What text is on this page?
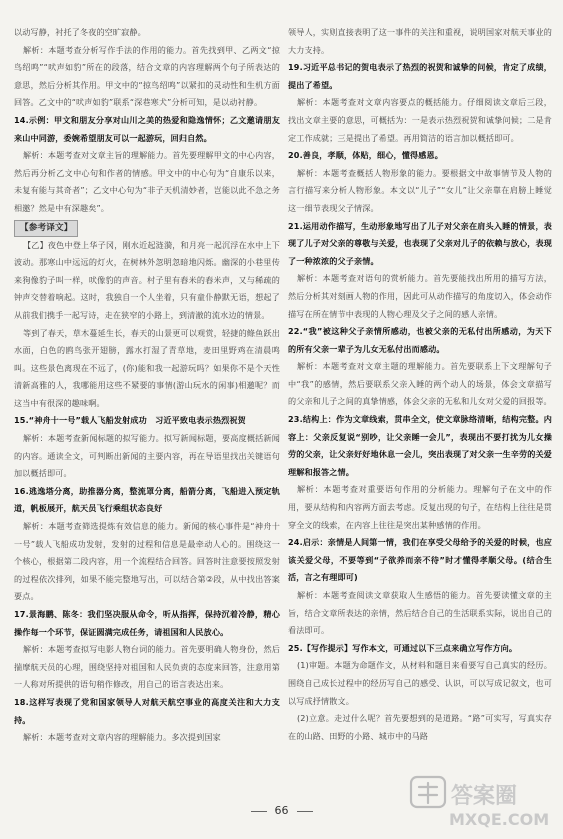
以动写静，衬托了冬夜的空旷寂静。

解析：本题考查分析写作手法的作用的能力。首先找到甲、乙两文“掠鸟绍鸣”“吠声如豹”所在的段落，结合文章的内容理解两个句子所表达的意思，然后分析其作用。甲文中的“掠鸟绍鸣”以紧扣的灵动性和生机方面回答。乙文中的“吠声如豹”联系“深巷寒犬”分析可知，是以动衬静。

14.示例：甲文和朋友分享对山川之美的热爱和隐逸情怀；乙文邀请朋友来山中同游，委婉希望朋友可以一起游玩，回归自然。

解析：本题考查对文章主旨的理解能力。首先要理解甲文的中心内容，然后再分析乙文中心句和作者的情感。甲文中的中心句为“自康乐以来，未复有能与其奇者”；乙文中心句为“非子天机清妙者，岂能以此不急之务相邀？然是中有深趣矣”。

【参考译文】

【乙】夜色中登上华子冈，刚水近起涟漪，和月亮一起沉浮在水中上下波动。那寒山中远远的灯火，在树林外忽明忽暗地闪烁。幽深的小巷里传来狗像豹子叫一样，吠像豹的声音。村子里有舂米的舂米声，又与稀疏的钟声交替着响起。这时，我独自一个人坐着，只有童仆静默无语，想起了从前我们携手一起写诗，走在狭窄的小路上，到清澈的流水边的情景。

等到了春天，草木蔓延生长，春天的山景更可以观赏，轻捷的鲦鱼跃出水面，白色的鸥鸟张开翅膀，露水打湿了青草地，麦田里野鸡在清晨鸣叫。这些景色离现在不远了，(你)能和我一起游玩吗？如果你不是个天性清新高雅的人，我哪能用这些不紧要的事情(游山玩水的闲事)相邀呢？而这当中有很深的趣味啊。

15.“神舟十一号”载人飞船发射成功　习近平致电表示热烈祝贺

解析：本题考查新闻标题的拟写能力。拟写新闻标题，要高度概括新闻的内容。通读全文，可判断出新闻的主要内容，再在导语里找出关键语句加以概括即可。

16.逃逸塔分离，助推器分离，整流罩分离，船箭分离，飞船进入预定轨道，帆板展开，航天员飞行乘组状态良好

解析：本题考查筛选提炼有效信息的能力。新闻的核心事件是“神舟十一号”载人飞船成功发射，发射的过程和信息是最牵动人心的。围绕这一个核心，根据第二段内容，用一个流程结合回答。回答时注意要按照发射的过程依次排列，如果不能完整地写出，可以结合第②段，从中找出答案要点。

17.景海鹏、陈冬：我们坚决服从命令，听从指挥，保持沉着冷静，精心操作每一个环节，保证圆满完成任务，请祖国和人民放心。

解析：本题考查拟写电影人物台词的能力。首先要明确人物身份，然后揣摩航天员的心理，围绕坚持对祖国和人民负责的态度来回答，注意用第一人称对所提供的语句稍作修改，用自己的语言表达出来。

18.这样写表现了党和国家领导人对航天航空事业的高度关注和大力支持。

解析：本题考查对文章内容的理解能力。多次提到国家

领导人，实则直接表明了这一事件的关注和重视，说明国家对航天事业的大力支持。

19.习近平总书记的贺电表示了热烈的祝贺和诚挚的问候，肯定了成绩，提出了希望。

解析：本题考查对文章内容要点的概括能力。仔细阅读文章后三段，找出文章主要的意思，可概括为：一是表示热烈祝贺和诚挚问候；二是肯定工作成就；三是提出了希望。再用简洁的语言加以概括即可。

20.善良，孝顺，体贴，细心，懂得感恩。

解析：本题考查概括人物形象的能力。要根据文中故事情节及人物的言行描写来分析人物形象。本文以“儿子”“女儿”让父亲靠在肩膀上睡觉这一细节表现父子情深。

21.运用动作描写，生动形象地写出了儿子对父亲在肩头入睡的情景，表现了儿子对父亲的尊敬与关爱，也表现了父亲对儿子的依赖与放心，表现了一种浓浓的父子亲情。

解析：本题考查对语句的赏析能力。首先要能找出所用的描写方法，然后分析其对刻画人物的作用，因此可从动作描写的角度切入，体会动作描写在所在情节中表现的人物心理及父子之间的感人亲情。

22.“我”被这种父子亲情所感动，也被父亲的无私付出所感动，为天下的所有父亲一辈子为儿女无私付出而感动。

解析：本题考查对文章主题的理解能力。首先要联系上下文理解句子中“我”的感情，然后要联系父亲入睡的两个动人的场景，体会文章描写的父亲和儿子之间的真挚情感，体会父亲的无私和儿女对父爱的回报等。

23.结构上：作为文章线索，贯串全文，使文章脉络清晰，结构完整。内容上：父亲反复说“别吵，让父亲睡一会儿”，表现出不要打扰为儿女操劳的父亲，让父亲好好地休息一会儿，突出表现了对父亲一生辛劳的关爱理解和报答之情。

解析：本题考查对重要语句作用的分析能力。理解句子在文中的作用，要从结构和内容两方面去考虑。反复出现的句子，在结构上往往是贯穿全文的线索，在内容上往往是突出某种感情的作用。

24.启示：亲情是人间第一情，我们在享受父母给予的关爱的时候，也应该关爱父母，不要等到“子欲养而亲不待”时才懂得孝顺父母。(结合生活，言之有理即可)

解析：本题考查阅读文章获取人生感悟的能力。首先要读懂文章的主旨，结合文章所表达的亲情，然后结合自己的生活联系实际，说出自己的看法即可。

25.【写作提示】写作本文，可通过以下三点来确立写作方向。

(1)审题。本题为命题作文，从材料和题目来看要写自己真实的经历。围绕自己成长过程中的经历写自己的感受、认识，可以写成记叙文，也可以写成抒情散文。

(2)立意。走过什么呢？首先要想到的是道路。“路”可实写，写真实存在的山路、田野的小路、城市中的马路

66
答案圈
MXQE.COM
